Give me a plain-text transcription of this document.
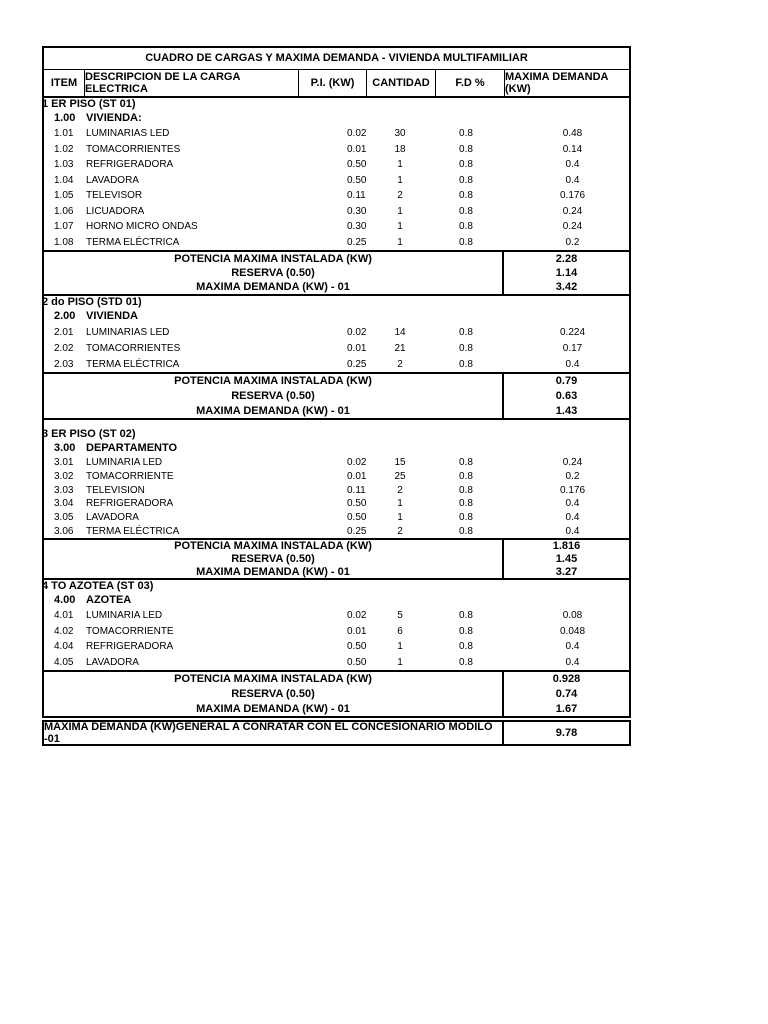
CUADRO DE CARGAS Y MAXIMA DEMANDA - VIVIENDA MULTIFAMILIAR
ITEM DESCRIPCION DE LA CARGA ELECTRICA	P.I. (KW)	CANTIDAD	F.D %	MAXIMA DEMANDA (KW)
1 ER PISO (ST 01)
1.00 VIVIENDA:
1.01	LUMINARIAS LED	0.02	30	0.8	0.48
1.02	TOMACORRIENTES	0.01	18	0.8	0.14
1.03	REFRIGERADORA	0.50	1	0.8	0.4
1.04	LAVADORA	0.50	1	0.8	0.4
1.05	TELEVISOR	0.11	2	0.8	0.176
1.06	LICUADORA	0.30	1	0.8	0.24
1.07	HORNO MICRO ONDAS	0.30	1	0.8	0.24
1.08	TERMA ELÉCTRICA	0.25	1	0.8	0.2
POTENCIA MAXIMA INSTALADA (KW)	2.28
RESERVA (0.50)	1.14
MAXIMA DEMANDA (KW) - 01	3.42
2 do PISO (STD 01)
2.00 VIVIENDA
2.01	LUMINARIAS LED	0.02	14	0.8	0.224
2.02	TOMACORRIENTES	0.01	21	0.8	0.17
2.03	TERMA ELÉCTRICA	0.25	2	0.8	0.4
POTENCIA MAXIMA INSTALADA (KW)	0.79
RESERVA (0.50)	0.63
MAXIMA DEMANDA (KW) - 01	1.43
3 ER PISO (ST 02)
3.00 DEPARTAMENTO
3.01	LUMINARIA LED	0.02	15	0.8	0.24
3.02	TOMACORRIENTE	0.01	25	0.8	0.2
3.03	TELEVISION	0.11	2	0.8	0.176
3.04	REFRIGERADORA	0.50	1	0.8	0.4
3.05	LAVADORA	0.50	1	0.8	0.4
3.06	TERMA ELÉCTRICA	0.25	2	0.8	0.4
POTENCIA MAXIMA INSTALADA (KW)	1.816
RESERVA (0.50)	1.45
MAXIMA DEMANDA (KW) - 01	3.27
4 TO AZOTEA (ST 03)
4.00 AZOTEA
4.01	LUMINARIA LED	0.02	5	0.8	0.08
4.02	TOMACORRIENTE	0.01	6	0.8	0.048
4.04	REFRIGERADORA	0.50	1	0.8	0.4
4.05	LAVADORA	0.50	1	0.8	0.4
POTENCIA MAXIMA INSTALADA (KW)	0.928
RESERVA (0.50)	0.74
MAXIMA DEMANDA (KW) - 01	1.67
MAXIMA DEMANDA (KW)GENERAL A CONRATAR CON EL CONCESIONARIO MODILO -01	9.78
